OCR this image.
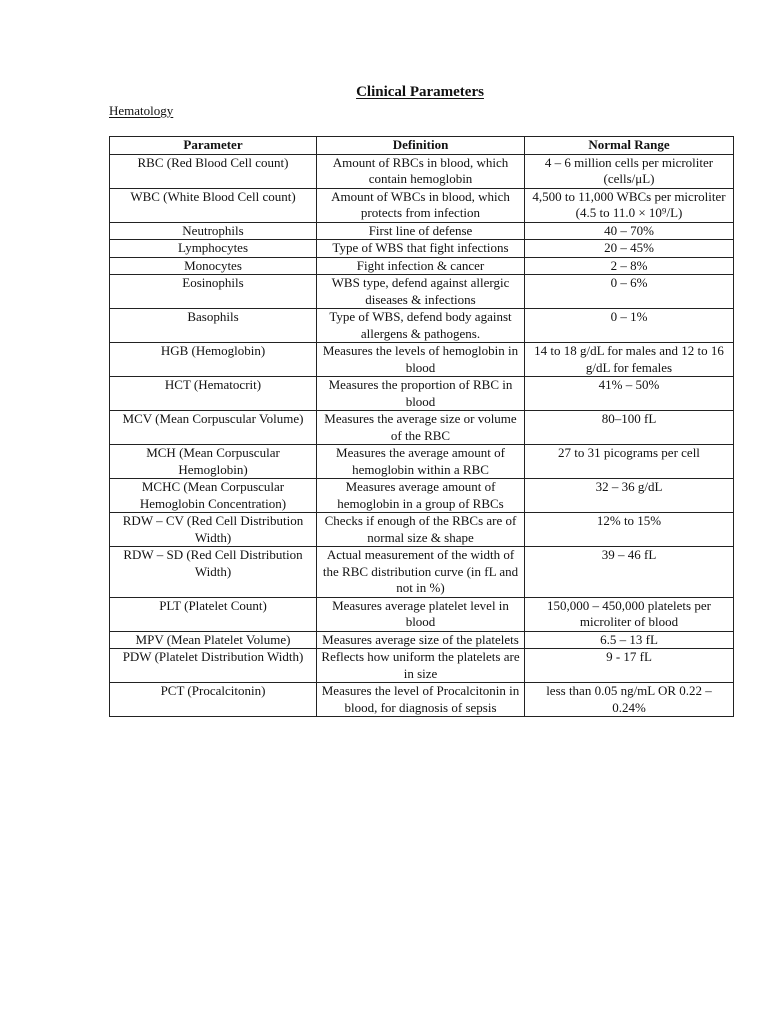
Clinical Parameters
Hematology
Parameter	Definition	Normal Range
RBC (Red Blood Cell count)	Amount of RBCs in blood, which contain hemoglobin	4 – 6 million cells per microliter (cells/μL)
WBC (White Blood Cell count)	Amount of WBCs in blood, which protects from infection	4,500 to 11,000 WBCs per microliter (4.5 to 11.0 × 10⁹/L)
Neutrophils	First line of defense	40 – 70%
Lymphocytes	Type of WBS that fight infections	20 – 45%
Monocytes	Fight infection & cancer	2 – 8%
Eosinophils	WBS type, defend against allergic diseases & infections	0 – 6%
Basophils	Type of WBS, defend body against allergens & pathogens.	0 – 1%
HGB (Hemoglobin)	Measures the levels of hemoglobin in blood	14 to 18 g/dL for males and 12 to 16 g/dL for females
HCT (Hematocrit)	Measures the proportion of RBC in blood	41% – 50%
MCV (Mean Corpuscular Volume)	Measures the average size or volume of the RBC	80–100 fL
MCH (Mean Corpuscular Hemoglobin)	Measures the average amount of hemoglobin within a RBC	27 to 31 picograms per cell
MCHC (Mean Corpuscular Hemoglobin Concentration)	Measures average amount of hemoglobin in a group of RBCs	32 – 36 g/dL
RDW – CV (Red Cell Distribution Width)	Checks if enough of the RBCs are of normal size & shape	12% to 15%
RDW – SD (Red Cell Distribution Width)	Actual measurement of the width of the RBC distribution curve (in fL and not in %)	39 – 46 fL
PLT (Platelet Count)	Measures average platelet level in blood	150,000 – 450,000 platelets per microliter of blood
MPV (Mean Platelet Volume)	Measures average size of the platelets	6.5 – 13 fL
PDW (Platelet Distribution Width)	Reflects how uniform the platelets are in size	9 - 17 fL
PCT (Procalcitonin)	Measures the level of Procalcitonin in blood, for diagnosis of sepsis	less than 0.05 ng/mL OR 0.22 – 0.24%
